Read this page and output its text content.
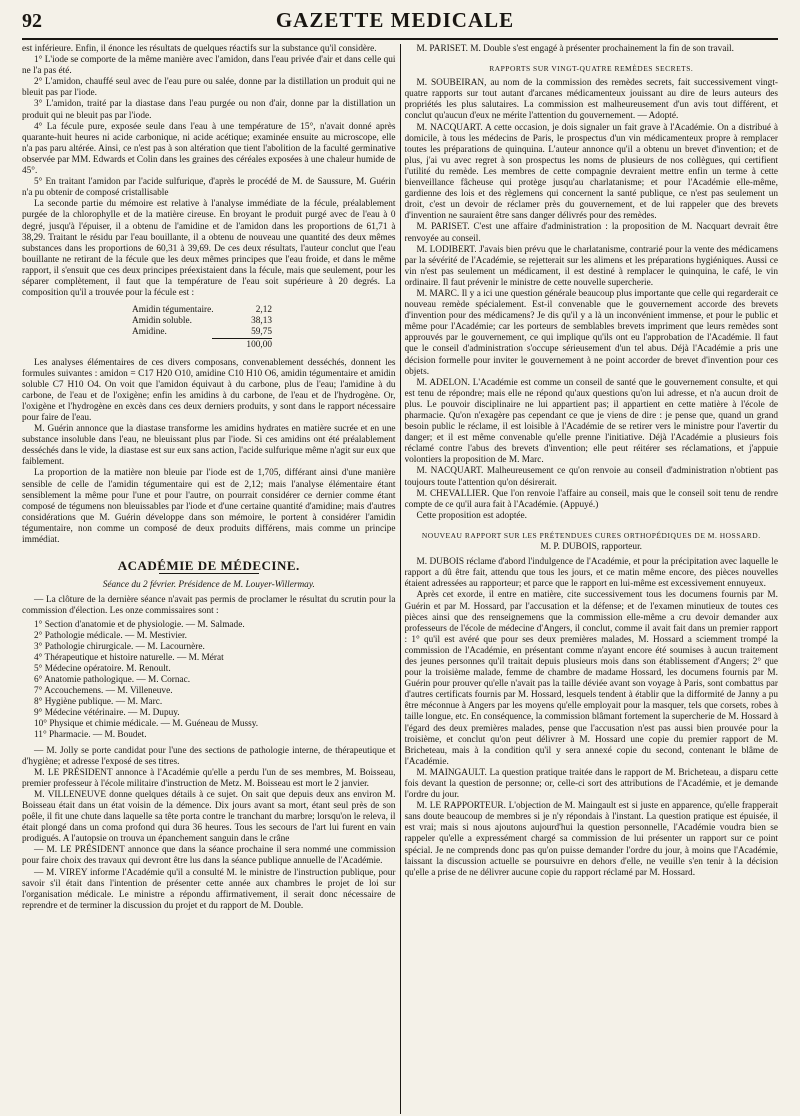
92	GAZETTE MEDICALE

est inférieure. Enfin, il énonce les résultats de quelques réactifs sur la substance qu'il considère.

1° L'iode se comporte de la même manière avec l'amidon, dans l'eau privée d'air et dans celle qui ne l'a pas été.

2° L'amidon, chauffé seul avec de l'eau pure ou salée, donne par la distillation un produit qui ne bleuit pas par l'iode.

3° L'amidon, traité par la diastase dans l'eau purgée ou non d'air, donne par la distillation un produit qui ne bleuit pas par l'iode.

4° La fécule pure, exposée seule dans l'eau à une température de 15°, n'avait donné après quarante-huit heures ni acide carbonique, ni acide acétique; examinée ensuite au microscope, elle n'a pas paru altérée. Ainsi, ce n'est pas à son altération que tient l'abolition de la faculté germinative observée par MM. Edwards et Colin dans les graines des céréales exposées à une chaleur humide de 45°.

5° En traitant l'amidon par l'acide sulfurique, d'après le procédé de M. de Saussure, M. Guérin n'a pu obtenir de composé cristallisable

La seconde partie du mémoire est relative à l'analyse immédiate de la fécule, préalablement purgée de la chlorophylle et de la matière cireuse. En broyant le produit purgé avec de l'eau à 0 degré, jusqu'à l'épuiser, il a obtenu de l'amidine et de l'amidon dans les proportions de 61,71 à 38,29. Traitant le résidu par l'eau bouillante, il a obtenu de nouveau une quantité des deux mêmes substances dans les proportions de 60,31 à 39,69. De ces deux résultats, l'auteur conclut que l'eau bouillante ne retirant de la fécule que les deux mêmes principes que l'eau froide, et dans le même rapport, il s'ensuit que ces deux principes préexistaient dans la fécule, mais que seulement, pour les séparer complètement, il faut que la température de l'eau soit supérieure à 20 degrés. La composition qu'il a trouvée pour la fécule est :

Amidin tégumentaire.	2,12
Amidin soluble.	38,13
Amidine.	59,75
100,00

Les analyses élémentaires de ces divers composans, convenablement desséchés, donnent les formules suivantes : amidon = C17 H20 O10, amidine C10 H10 O6, amidin tégumentaire et amidin soluble C7 H10 O4. On voit que l'amidon équivaut à du carbone, plus de l'eau; l'amidine à du carbone, de l'eau et de l'oxigène; enfin les amidins à du carbone, de l'eau et de l'hydrogène. Or, l'oxigène et l'hydrogène en excès dans ces deux derniers produits, y sont dans le rapport nécessaire pour faire de l'eau.

M. Guérin annonce que la diastase transforme les amidins hydrates en matière sucrée et en une substance insoluble dans l'eau, ne bleuissant plus par l'iode. Si ces amidins ont été préalablement desséchés dans le vide, la diastase est sur eux sans action, l'acide sulfurique même n'agit sur eux que faiblement.

La proportion de la matière non bleuie par l'iode est de 1,705, différant ainsi d'une manière sensible de celle de l'amidin tégumentaire qui est de 2,12; mais l'analyse élémentaire étant sensiblement la même pour l'une et pour l'autre, on pourrait considérer ce dernier comme étant composé de tégumens non bleuissables par l'iode et d'une certaine quantité d'amidine; mais d'autres considérations que M. Guérin développe dans son mémoire, le portent à considérer l'amidin tégumentaire, non comme un composé de deux produits différens, mais comme un principe immédiat.

ACADÉMIE DE MÉDECINE.
Séance du 2 février. Présidence de M. Louyer-Willermay.

— La clôture de la dernière séance n'avait pas permis de proclamer le résultat du scrutin pour la commission d'élection. Les onze commissaires sont :

1° Section d'anatomie et de physiologie. — M. Salmade.
2° Pathologie médicale. — M. Mestivier.
3° Pathologie chirurgicale. — M. Lacournère.
4° Thérapeutique et histoire naturelle. — M. Mérat
5° Médecine opératoire. M. Renoult.
6° Anatomie pathologique. — M. Cornac.
7° Accouchemens. — M. Villeneuve.
8° Hygiène publique. — M. Marc.
9° Médecine vétérinaire. — M. Dupuy.
10° Physique et chimie médicale. — M. Guéneau de Mussy.
11° Pharmacie. — M. Boudet.

— M. Jolly se porte candidat pour l'une des sections de pathologie interne, de thérapeutique et d'hygiène; et adresse l'exposé de ses titres.

M. LE PRÉSIDENT annonce à l'Académie qu'elle a perdu l'un de ses membres, M. Boisseau, premier professeur à l'école militaire d'instruction de Metz. M. Boisseau est mort le 2 janvier.

M. VILLENEUVE donne quelques détails à ce sujet. On sait que depuis deux ans environ M. Boisseau était dans un état voisin de la démence. Dix jours avant sa mort, étant seul près de son poêle, il fit une chute dans laquelle sa tête porta contre le tranchant du marbre; lorsqu'on le releva, il était plongé dans un coma profond qui dura 36 heures. Tous les secours de l'art lui furent en vain prodigués. A l'autopsie on trouva un épanchement sanguin dans le crâne

— M. LE PRÉSIDENT annonce que dans la séance prochaine il sera nommé une commission pour faire choix des travaux qui devront être lus dans la séance publique annuelle de l'Académie.

— M. VIREY informe l'Académie qu'il a consulté M. le ministre de l'instruction publique, pour savoir s'il était dans l'intention de présenter cette année aux chambres le projet de loi sur l'organisation médicale. Le ministre a répondu affirmativement, il serait donc nécessaire de reprendre et de terminer la discussion du projet et du rapport de M. Double.

M. PARISET. M. Double s'est engagé à présenter prochainement la fin de son travail.

RAPPORTS SUR VINGT-QUATRE REMÈDES SECRETS.

M. SOUBEIRAN, au nom de la commission des remèdes secrets, fait successivement vingt-quatre rapports sur tout autant d'arcanes médicamenteux jouissant au dire de leurs auteurs des propriétés les plus salutaires. La commission est malheureusement d'un avis tout différent, et conclut qu'aucun d'eux ne mérite l'attention du gouvernement. — Adopté.

M. NACQUART. A cette occasion, je dois signaler un fait grave à l'Académie. On a distribué à domicile, à tous les médecins de Paris, le prospectus d'un vin médicamenteux propre à remplacer toutes les préparations de quinquina. L'auteur annonce qu'il a obtenu un brevet d'invention; et de plus, j'ai vu avec regret à son prospectus les noms de plusieurs de nos collègues, qui certifient l'utilité du remède. Les membres de cette compagnie devraient mettre enfin un terme à cette bienveillance fâcheuse qui protège jusqu'au charlatanisme; et pour l'Académie elle-même, gardienne des lois et des règlemens qui concernent la santé publique, ce n'est pas seulement un droit, c'est un devoir de réclamer près du gouvernement, et de lui rappeler que des brevets d'invention ne sauraient être sans danger délivrés pour des remèdes.

M. PARISET. C'est une affaire d'administration : la proposition de M. Nacquart devrait être renvoyée au conseil.

M. LODIBERT. J'avais bien prévu que le charlatanisme, contrarié pour la vente des médicamens par la sévérité de l'Académie, se rejetterait sur les alimens et les préparations hygiéniques. Aussi ce vin n'est pas seulement un médicament, il est destiné à remplacer le quinquina, le café, le vin ordinaire. Il faut prévenir le ministre de cette nouvelle supercherie.

M. MARC. Il y a ici une question générale beaucoup plus importante que celle qui regarderait ce nouveau remède spécialement. Est-il convenable que le gouvernement accorde des brevets d'invention pour des médicamens? Je dis qu'il y a là un inconvénient immense, et pour le public et même pour l'Académie; car les porteurs de semblables brevets impriment que leurs remèdes sont approuvés par le gouvernement, ce qui implique qu'ils ont eu l'approbation de l'Académie. Il faut que le conseil d'administration s'occupe sérieusement d'un tel abus. Déjà l'Académie a pris une décision formelle pour inviter le gouvernement à ne point accorder de brevet d'invention pour ces objets.

M. ADELON. L'Académie est comme un conseil de santé que le gouvernement consulte, et qui est tenu de répondre; mais elle ne répond qu'aux questions qu'on lui adresse, et n'a aucun droit de plus. Le pouvoir disciplinaire ne lui appartient pas; il appartient en cette matière à l'école de pharmacie. Qu'on n'exagère pas cependant ce que je viens de dire : je pense que, quand un grand besoin public le réclame, il est loisible à l'Académie de se retirer vers le ministre pour l'avertir du danger; et il est même convenable qu'elle prenne l'initiative. Déjà l'Académie a plusieurs fois réclamé contre l'abus des brevets d'invention; elle peut réitérer ses réclamations, et j'appuie volontiers la proposition de M. Marc.

M. NACQUART. Malheureusement ce qu'on renvoie au conseil d'administration n'obtient pas toujours toute l'attention qu'on désirerait.

M. CHEVALLIER. Que l'on renvoie l'affaire au conseil, mais que le conseil soit tenu de rendre compte de ce qu'il aura fait à l'Académie. (Appuyé.)

Cette proposition est adoptée.

NOUVEAU RAPPORT SUR LES PRÉTENDUES CURES ORTHOPÉDIQUES DE M. HOSSARD.
M. P. DUBOIS, rapporteur.

M. DUBOIS réclame d'abord l'indulgence de l'Académie, et pour la précipitation avec laquelle le rapport a dû être fait, attendu que tous les jours, et ce matin même encore, des pièces nouvelles étaient adressées au rapporteur; et parce que le rapport en lui-même est excessivement ennuyeux.

Après cet exorde, il entre en matière, cite successivement tous les documens fournis par M. Guérin et par M. Hossard, par l'accusation et la défense; et de l'examen minutieux de toutes ces pièces ainsi que des renseignemens que la commission elle-même a cru devoir demander aux professeurs de l'école de médecine d'Angers, il conclut, comme il avait fait dans un premier rapport : 1° qu'il est avéré que pour ses deux premières malades, M. Hossard a sciemment trompé la commission de l'Académie, en présentant comme n'ayant encore été soumises à aucun traitement des jeunes personnes qu'il traitait depuis plusieurs mois dans son établissement d'Angers; 2° que pour la troisième malade, femme de chambre de madame Hossard, les documens fournis par M. Guérin pour prouver qu'elle n'avait pas la taille déviée avant son voyage à Paris, sont combattus par d'autres certificats fournis par M. Hossard, lesquels tendent à établir que la difformité de Janny a pu être méconnue à Angers par les moyens qu'elle employait pour la masquer, tels que corsets, robes à taille longue, etc. En conséquence, la commission blâmant fortement la supercherie de M. Hossard à l'égard des deux premières malades, pense que l'accusation n'est pas aussi bien prouvée pour la troisième, et conclut qu'on peut délivrer à M. Hossard une copie du premier rapport de M. Bricheteau, mais à la condition qu'il y sera annexé copie du second, contenant le blâme de l'Académie.

M. MAINGAULT. La question pratique traitée dans le rapport de M. Bricheteau, a disparu cette fois devant la question de personne; or, celle-ci sort des attributions de l'Académie, et je demande l'ordre du jour.

M. LE RAPPORTEUR. L'objection de M. Maingault est si juste en apparence, qu'elle frapperait sans doute beaucoup de membres si je n'y répondais à l'instant. La question pratique est épuisée, il est vrai; mais si nous ajoutons aujourd'hui la question personnelle, l'Académie voudra bien se rappeler qu'elle a expressément chargé sa commission de lui présenter un rapport sur ce point spécial. Je ne comprends donc pas qu'on puisse demander l'ordre du jour, à moins que l'Académie, laissant la discussion actuelle se poursuivre en dehors d'elle, ne veuille s'en tenir à la décision qu'elle a prise de ne délivrer aucune copie du rapport réclamé par M. Hossard.
